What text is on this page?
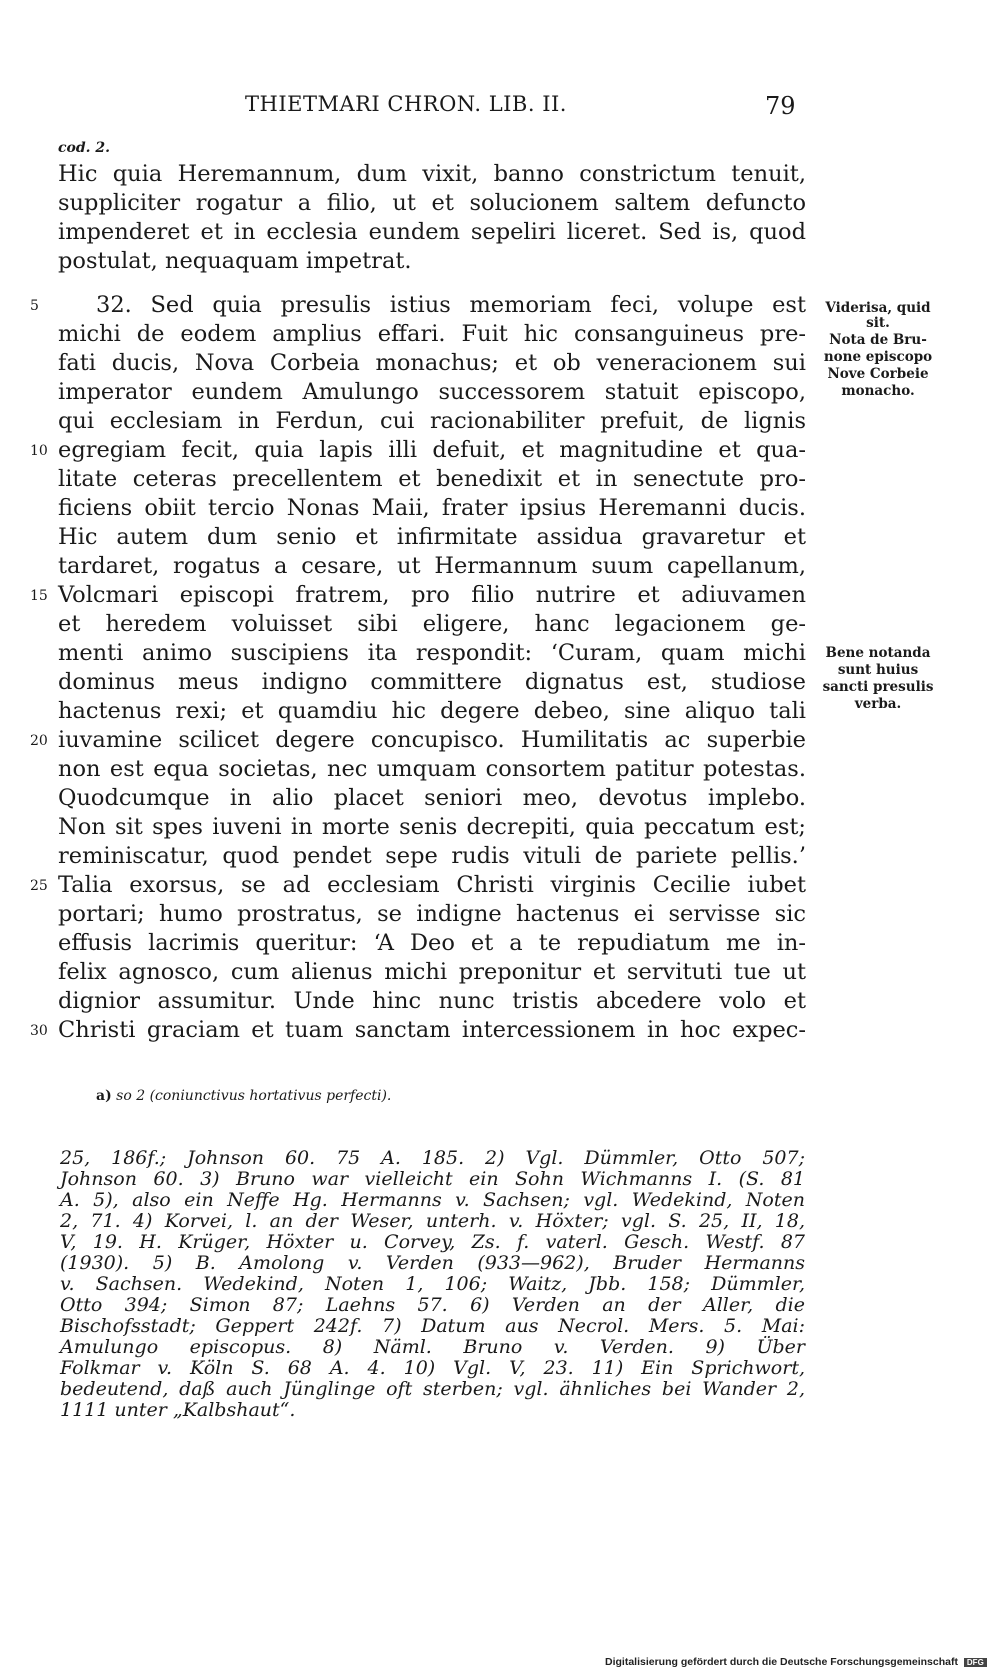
THIETMARI CHRON. LIB. II.	79
cod. 2.
Hic quia Heremannum, dum vixit, banno constrictum tenuit,
suppliciter rogatur a filio, ut et solucionem saltem defuncto
impenderet et in ecclesia eundem sepeliri liceret. Sed is, quod
postulat, nequaquam impetrat.
32. Sed quia presulis istius memoriam feci, volupe est
michi de eodem amplius effari. Fuit hic consanguineus pre-
fati ducis, Nova Corbeia monachus; et ob veneracionem sui
imperator eundem Amulungo successorem statuit episcopo,
qui ecclesiam in Ferdun, cui racionabiliter prefuit, de lignis
egregiam fecit, quia lapis illi defuit, et magnitudine et qua-
litate ceteras precellentem et benedixit et in senectute pro-
ficiens obiit tercio Nonas Maii, frater ipsius Heremanni ducis.
Hic autem dum senio et infirmitate assidua gravaretur et
tardaret, rogatus a cesare, ut Hermannum suum capellanum,
Volcmari episcopi fratrem, pro filio nutrire et adiuvamen
et heredem voluisset sibi eligere, hanc legacionem ge-
menti animo suscipiens ita respondit: ‘Curam, quam michi
dominus meus indigno committere dignatus est, studiose
hactenus rexi; et quamdiu hic degere debeo, sine aliquo tali
iuvamine scilicet degere concupisco. Humilitatis ac superbie
non est equa societas, nec umquam consortem patitur potestas.
Quodcumque in alio placet seniori meo, devotus implebo.
Non sit spes iuveni in morte senis decrepiti, quia peccatum est;
reminiscatur, quod pendet sepe rudis vituli de pariete pellis.’
Talia exorsus, se ad ecclesiam Christi virginis Cecilie iubet
portari; humo prostratus, se indigne hactenus ei servisse sic
effusis lacrimis queritur: ‘A Deo et a te repudiatum me in-
felix agnosco, cum alienus michi preponitur et servituti tue ut
dignior assumitur. Unde hinc nunc tristis abcedere volo et
Christi graciam et tuam sanctam intercessionem in hoc expec-
5
10
15
20
25
30
Viderisa, quid
sit.
Nota de Bru-
none episcopo
Nove Corbeie
monacho.
Bene notanda
sunt huius
sancti presulis
verba.
a) so 2 (coniunctivus hortativus perfecti).
25, 186f.; Johnson 60. 75 A. 185. 2) Vgl. Dümmler, Otto 507;
Johnson 60. 3) Bruno war vielleicht ein Sohn Wichmanns I. (S. 81
A. 5), also ein Neffe Hg. Hermanns v. Sachsen; vgl. Wedekind, Noten
2, 71. 4) Korvei, l. an der Weser, unterh. v. Höxter; vgl. S. 25, II, 18,
V, 19. H. Krüger, Höxter u. Corvey, Zs. f. vaterl. Gesch. Westf. 87
(1930). 5) B. Amolong v. Verden (933—962), Bruder Hermanns
v. Sachsen. Wedekind, Noten 1, 106; Waitz, Jbb. 158; Dümmler,
Otto 394; Simon 87; Laehns 57. 6) Verden an der Aller, die
Bischofsstadt; Geppert 242f. 7) Datum aus Necrol. Mers. 5. Mai:
Amulungo episcopus. 8) Näml. Bruno v. Verden. 9) Über
Folkmar v. Köln S. 68 A. 4. 10) Vgl. V, 23. 11) Ein Sprichwort,
bedeutend, daß auch Jünglinge oft sterben; vgl. ähnliches bei Wander 2,
1111 unter „Kalbshaut“.
Digitalisierung gefördert durch die Deutsche Forschungsgemeinschaft DFG
